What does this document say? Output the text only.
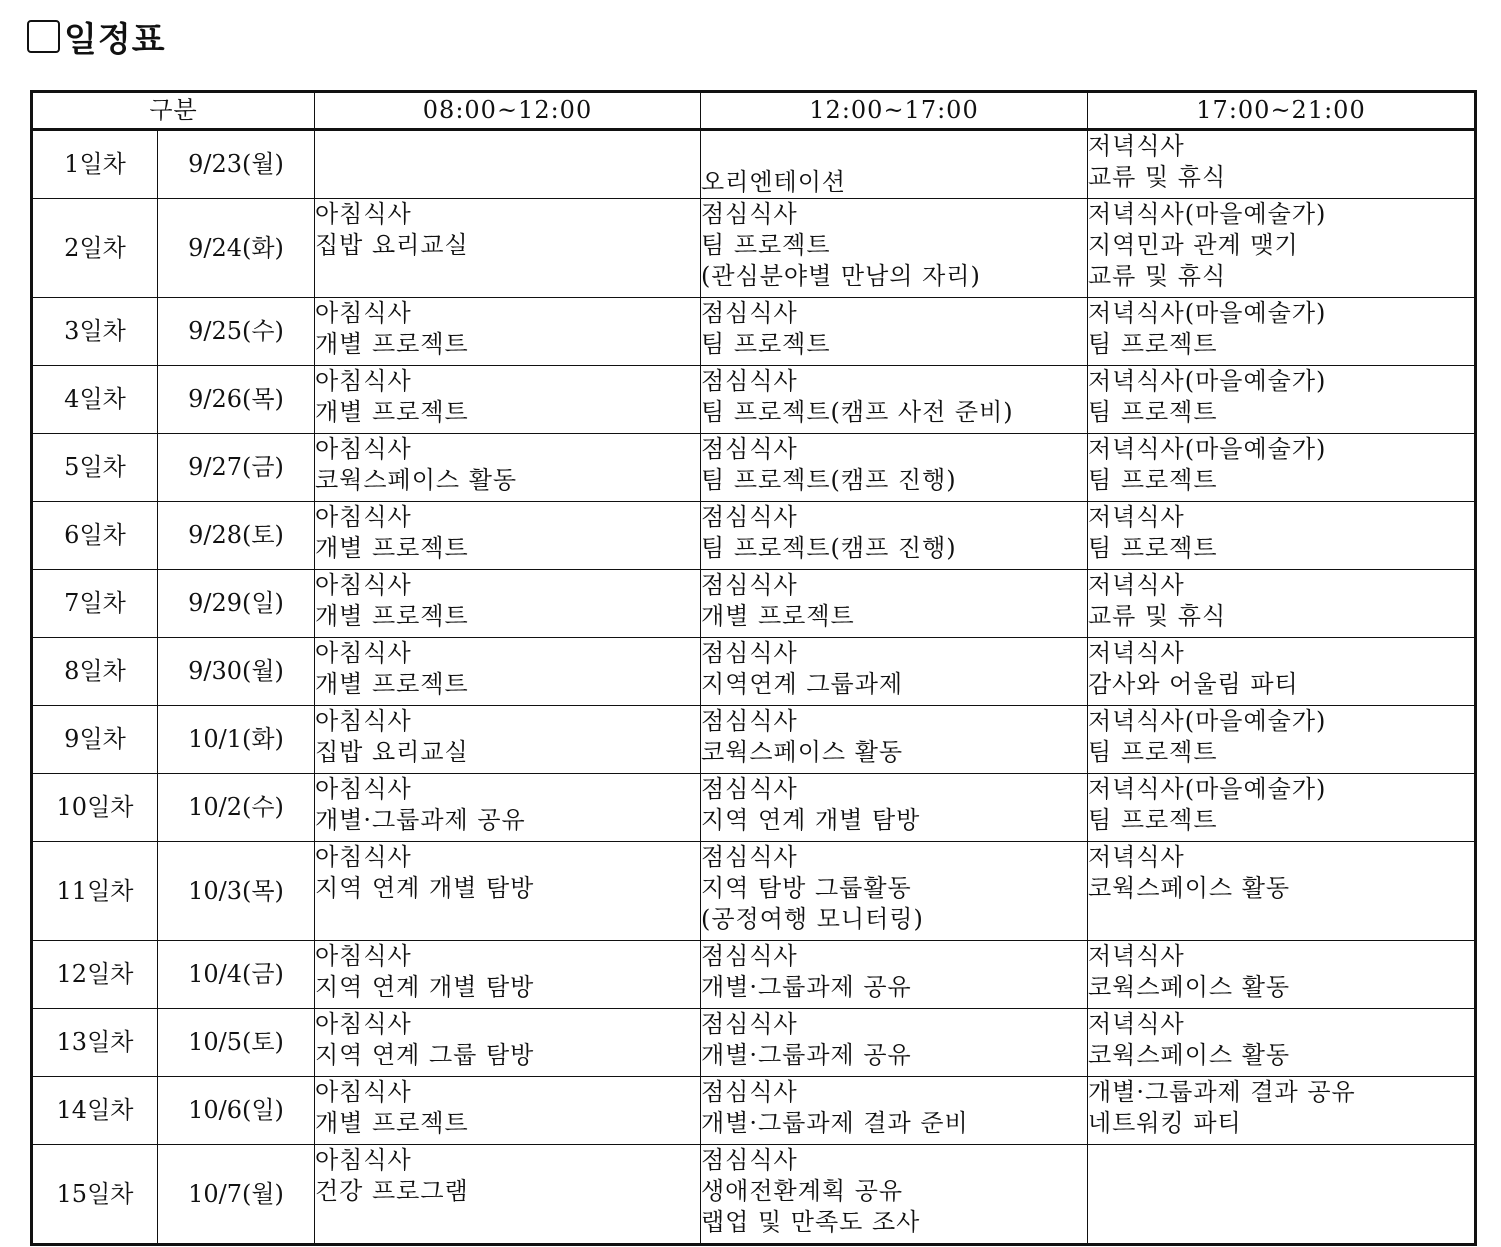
일정표
구분		08:00~12:00	12:00~17:00	17:00~21:00
1일차	9/23(월)		오리엔테이션	저녁식사
교류 및 휴식

2일차	9/24(화)	아침식사
집밥 요리교실	점심식사
팀 프로젝트
(관심분야별 만남의 자리)	저녁식사(마을예술가)
지역민과 관계 맺기
교류 및 휴식

3일차	9/25(수)	아침식사
개별 프로젝트	점심식사
팀 프로젝트	저녁식사(마을예술가)
팀 프로젝트

4일차	9/26(목)	아침식사
개별 프로젝트	점심식사
팀 프로젝트(캠프 사전 준비)	저녁식사(마을예술가)
팀 프로젝트

5일차	9/27(금)	아침식사
코웍스페이스 활동	점심식사
팀 프로젝트(캠프 진행)	저녁식사(마을예술가)
팀 프로젝트

6일차	9/28(토)	아침식사
개별 프로젝트	점심식사
팀 프로젝트(캠프 진행)	저녁식사
팀 프로젝트

7일차	9/29(일)	아침식사
개별 프로젝트	점심식사
개별 프로젝트	저녁식사
교류 및 휴식

8일차	9/30(월)	아침식사
개별 프로젝트	점심식사
지역연계 그룹과제	저녁식사
감사와 어울림 파티

9일차	10/1(화)	아침식사
집밥 요리교실	점심식사
코웍스페이스 활동	저녁식사(마을예술가)
팀 프로젝트

10일차	10/2(수)	아침식사
개별·그룹과제 공유	점심식사
지역 연계 개별 탐방	저녁식사(마을예술가)
팀 프로젝트

11일차	10/3(목)	아침식사
지역 연계 개별 탐방	점심식사
지역 탐방 그룹활동
(공정여행 모니터링)	저녁식사
코웍스페이스 활동

12일차	10/4(금)	아침식사
지역 연계 개별 탐방	점심식사
개별·그룹과제 공유	저녁식사
코웍스페이스 활동

13일차	10/5(토)	아침식사
지역 연계 그룹 탐방	점심식사
개별·그룹과제 공유	저녁식사
코웍스페이스 활동

14일차	10/6(일)	아침식사
개별 프로젝트	점심식사
개별·그룹과제 결과 준비	개별·그룹과제 결과 공유
네트워킹 파티

15일차	10/7(월)	아침식사
건강 프로그램	점심식사
생애전환계획 공유
랩업 및 만족도 조사	
